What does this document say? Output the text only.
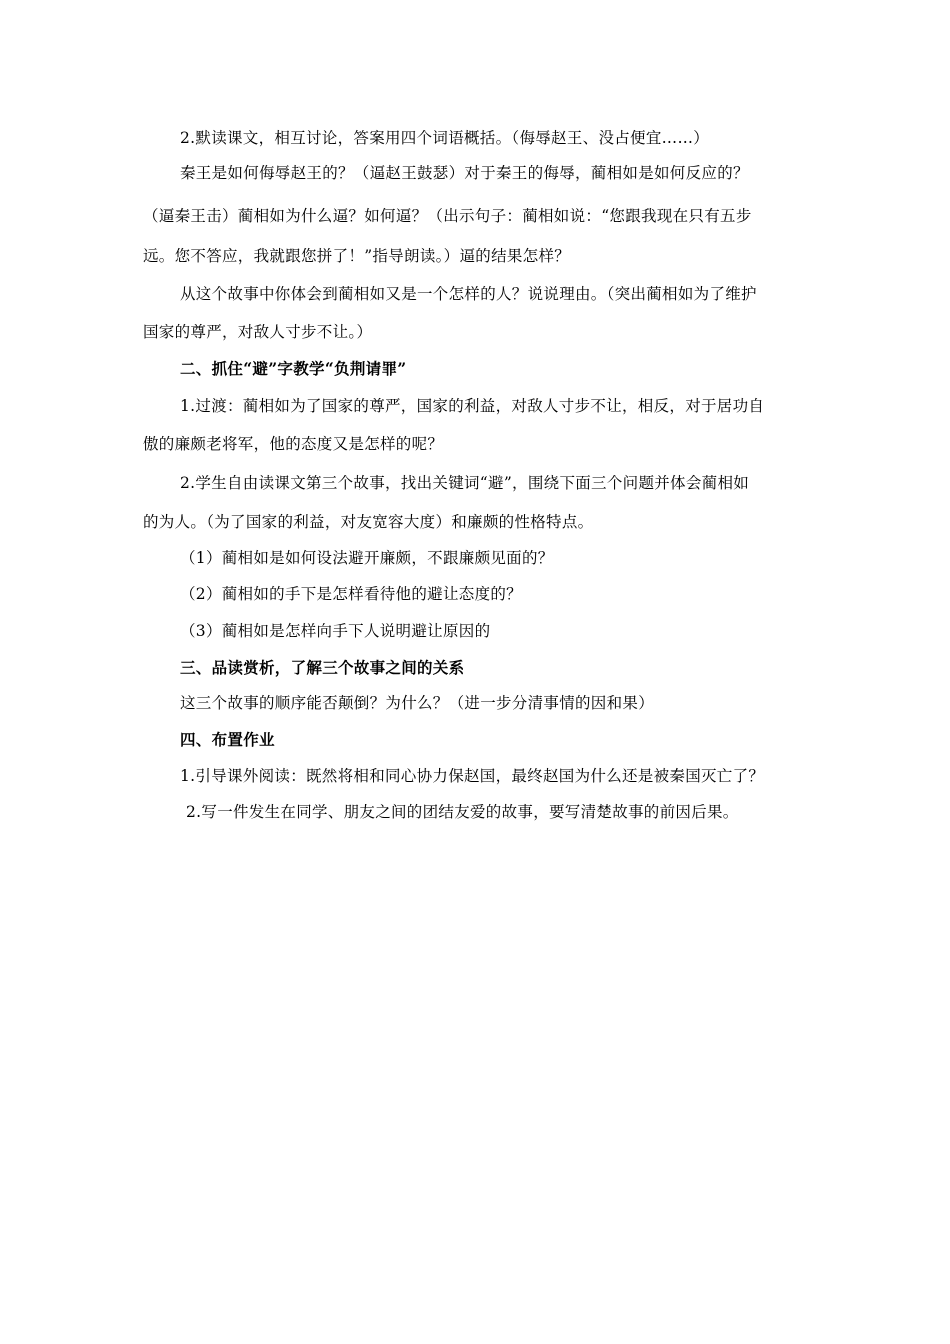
2.默读课文，相互讨论，答案用四个词语概括。（侮辱赵王、没占便宜……）
秦王是如何侮辱赵王的？（逼赵王鼓瑟）对于秦王的侮辱，蔺相如是如何反应的？
（逼秦王击）蔺相如为什么逼？如何逼？（出示句子：蔺相如说：“您跟我现在只有五步
远。您不答应，我就跟您拼了！”指导朗读。）逼的结果怎样？
从这个故事中你体会到蔺相如又是一个怎样的人？说说理由。（突出蔺相如为了维护
国家的尊严，对敌人寸步不让。）
二、抓住“避”字教学“负荆请罪”
1.过渡：蔺相如为了国家的尊严，国家的利益，对敌人寸步不让，相反，对于居功自
傲的廉颇老将军，他的态度又是怎样的呢？
2.学生自由读课文第三个故事，找出关键词“避”，围绕下面三个问题并体会蔺相如
的为人。（为了国家的利益，对友宽容大度）和廉颇的性格特点。
（1）蔺相如是如何设法避开廉颇，不跟廉颇见面的？
（2）蔺相如的手下是怎样看待他的避让态度的？
（3）蔺相如是怎样向手下人说明避让原因的
三、品读赏析，了解三个故事之间的关系
这三个故事的顺序能否颠倒？为什么？（进一步分清事情的因和果）
四、布置作业
1.引导课外阅读：既然将相和同心协力保赵国，最终赵国为什么还是被秦国灭亡了？
2.写一件发生在同学、朋友之间的团结友爱的故事，要写清楚故事的前因后果。
